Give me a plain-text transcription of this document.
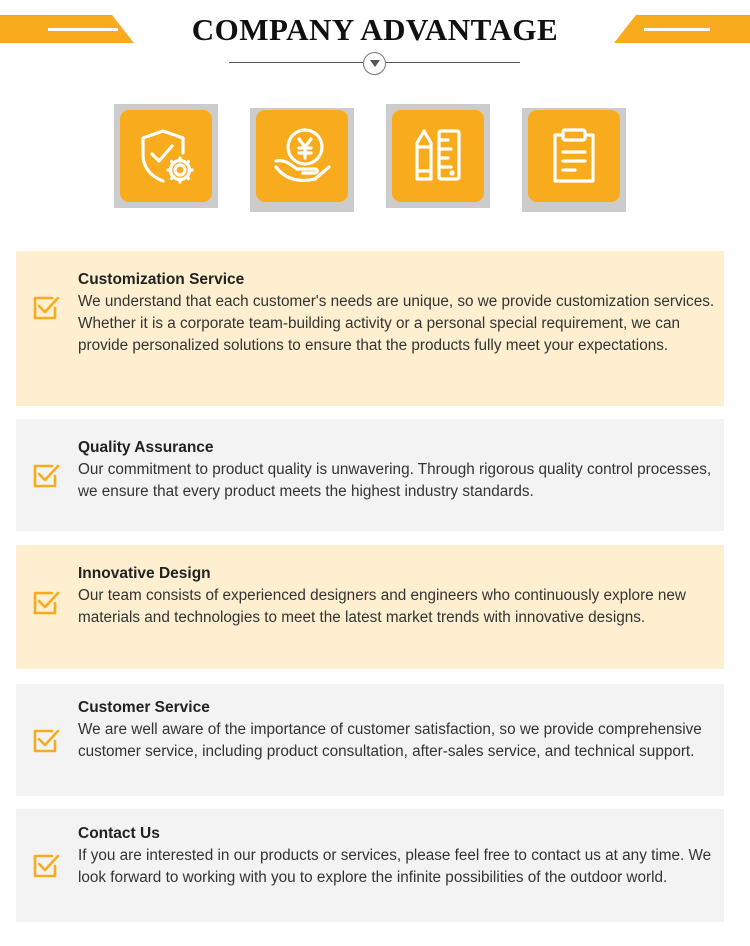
COMPANY ADVANTAGE
Customization Service
We understand that each customer's needs are unique, so we provide customization services. Whether it is a corporate team-building activity or a personal special requirement, we can provide personalized solutions to ensure that the products fully meet your expectations.
Quality Assurance
Our commitment to product quality is unwavering. Through rigorous quality control processes, we ensure that every product meets the highest industry standards.
Innovative Design
Our team consists of experienced designers and engineers who continuously explore new materials and technologies to meet the latest market trends with innovative designs.
Customer Service
We are well aware of the importance of customer satisfaction, so we provide comprehensive customer service, including product consultation, after-sales service, and technical support.
Contact Us
If you are interested in our products or services, please feel free to contact us at any time. We look forward to working with you to explore the infinite possibilities of the outdoor world.
